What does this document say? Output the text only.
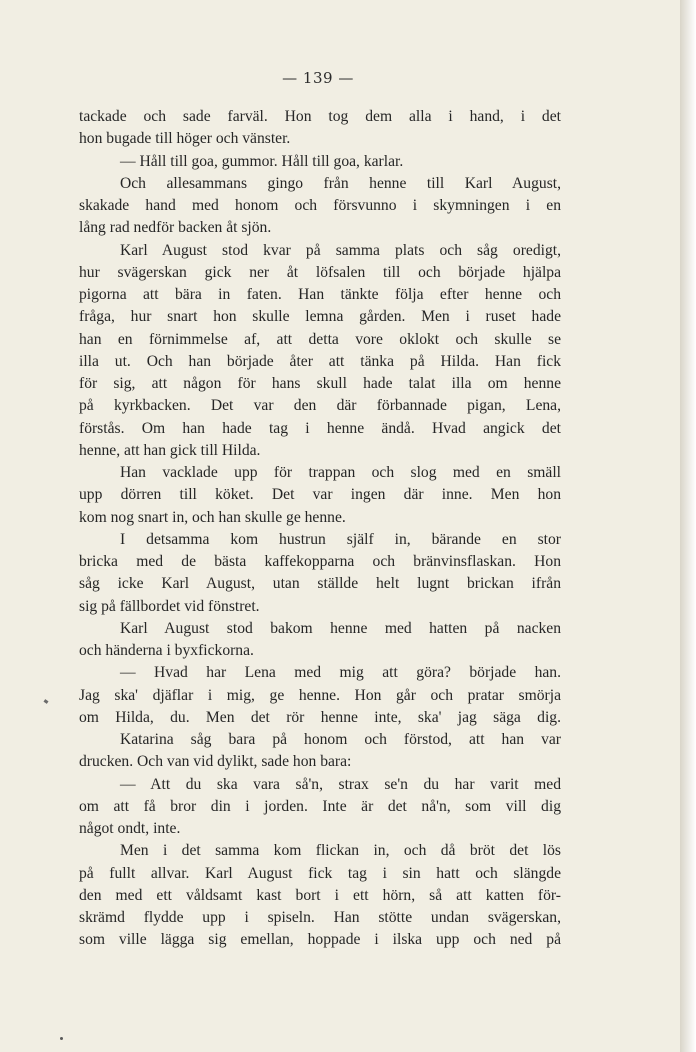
— 139 —
tackade och sade farväl. Hon tog dem alla i hand, i det
hon bugade till höger och vänster.
— Håll till goa, gummor. Håll till goa, karlar.
Och allesammans gingo från henne till Karl August,
skakade hand med honom och försvunno i skymningen i en
lång rad nedför backen åt sjön.
Karl August stod kvar på samma plats och såg oredigt,
hur svägerskan gick ner åt löfsalen till och började hjälpa
pigorna att bära in faten. Han tänkte följa efter henne och
fråga, hur snart hon skulle lemna gården. Men i ruset hade
han en förnimmelse af, att detta vore oklokt och skulle se
illa ut. Och han började åter att tänka på Hilda. Han fick
för sig, att någon för hans skull hade talat illa om henne
på kyrkbacken. Det var den där förbannade pigan, Lena,
förstås. Om han hade tag i henne ändå. Hvad angick det
henne, att han gick till Hilda.
Han vacklade upp för trappan och slog med en smäll
upp dörren till köket. Det var ingen där inne. Men hon
kom nog snart in, och han skulle ge henne.
I detsamma kom hustrun själf in, bärande en stor
bricka med de bästa kaffekopparna och bränvinsflaskan. Hon
såg icke Karl August, utan ställde helt lugnt brickan ifrån
sig på fällbordet vid fönstret.
Karl August stod bakom henne med hatten på nacken
och händerna i byxfickorna.
— Hvad har Lena med mig att göra? började han.
Jag ska' djäflar i mig, ge henne. Hon går och pratar smörja
om Hilda, du. Men det rör henne inte, ska' jag säga dig.
Katarina såg bara på honom och förstod, att han var
drucken. Och van vid dylikt, sade hon bara:
— Att du ska vara så'n, strax se'n du har varit med
om att få bror din i jorden. Inte är det nå'n, som vill dig
något ondt, inte.
Men i det samma kom flickan in, och då bröt det lös
på fullt allvar. Karl August fick tag i sin hatt och slängde
den med ett våldsamt kast bort i ett hörn, så att katten för-
skrämd flydde upp i spiseln. Han stötte undan svägerskan,
som ville lägga sig emellan, hoppade i ilska upp och ned på
